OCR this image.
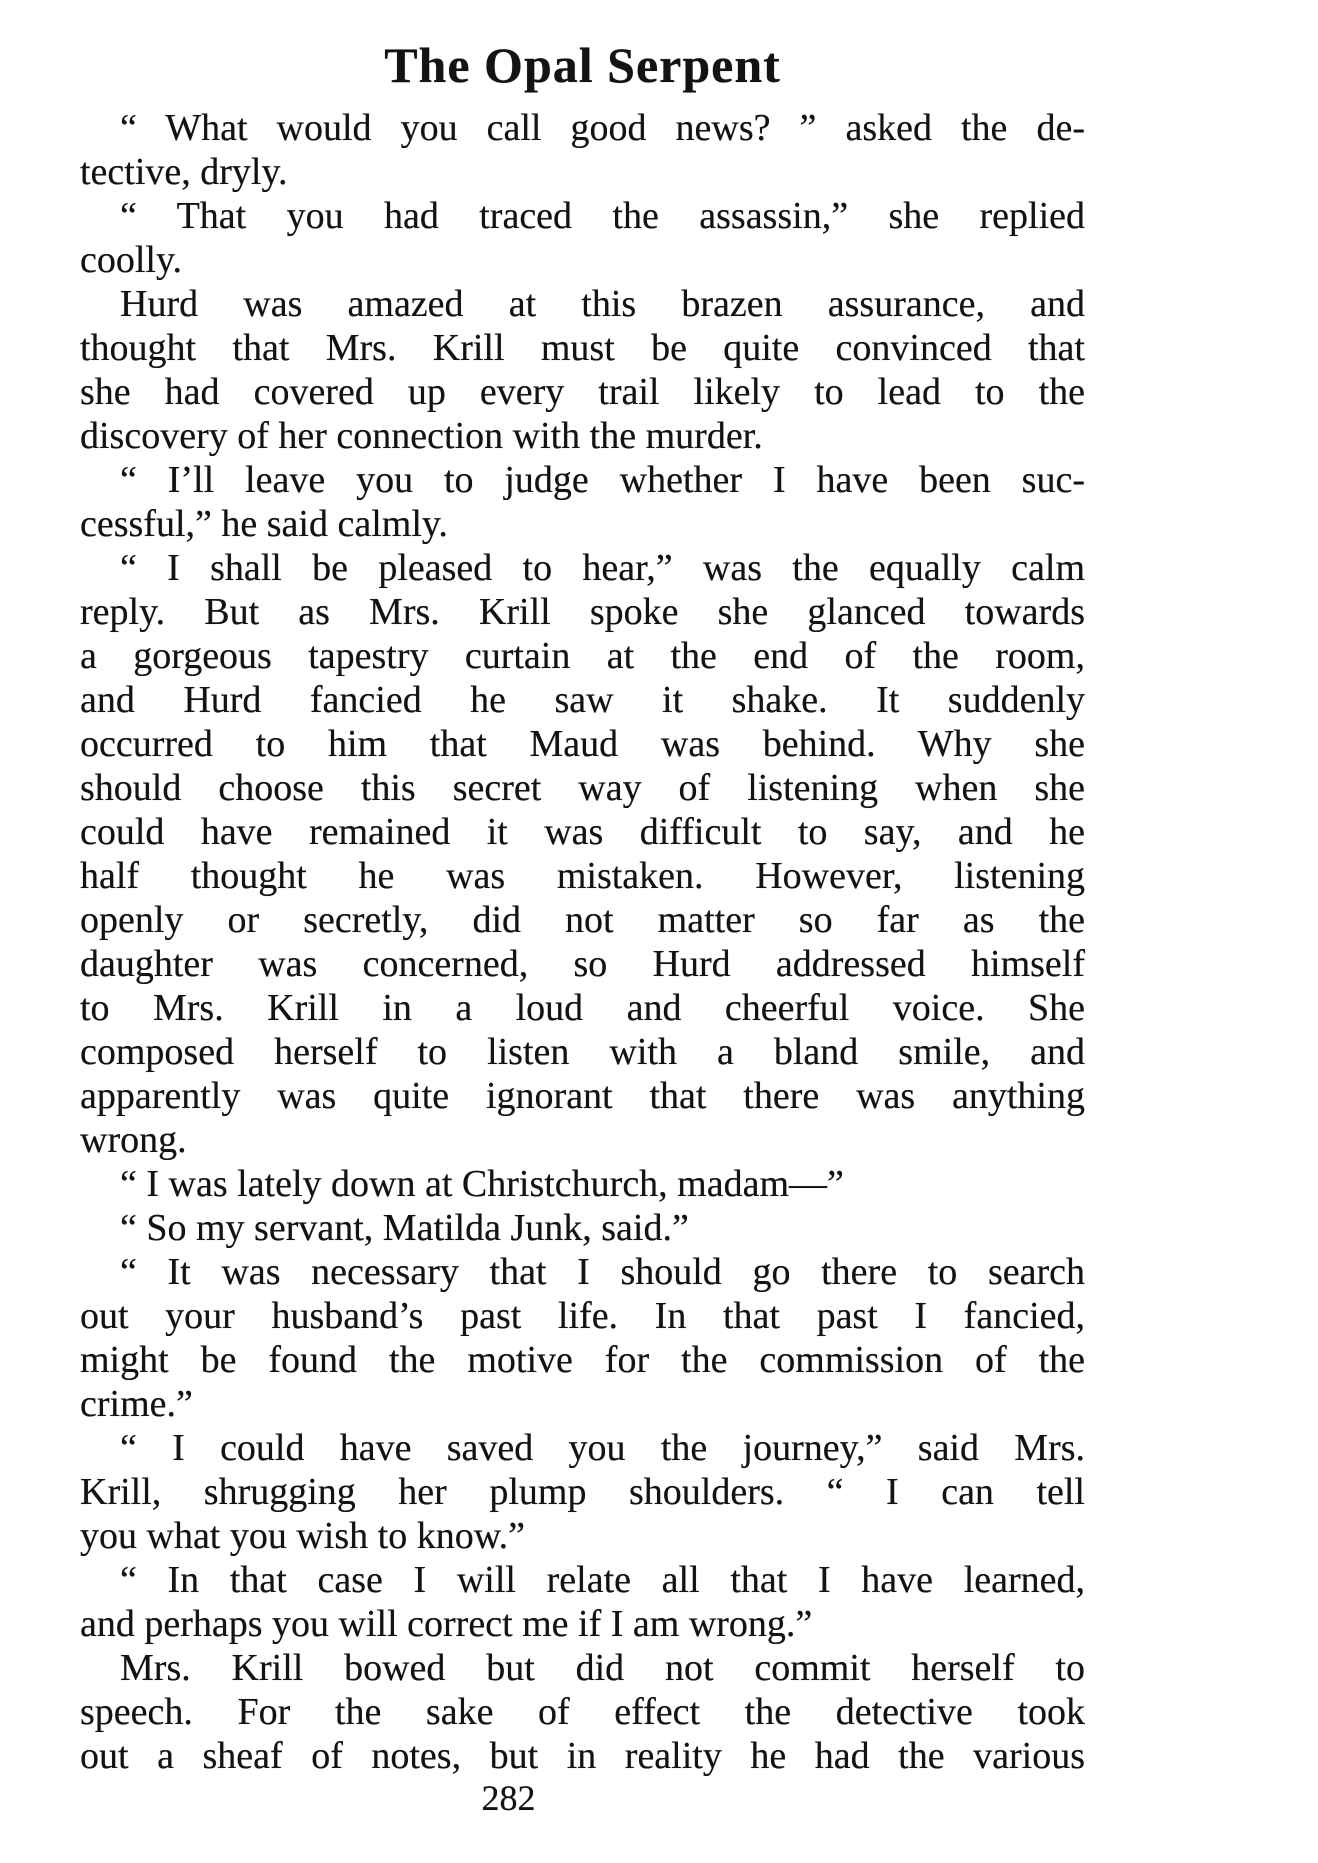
The Opal Serpent
“ What would you call good news? ” asked the de-
tective, dryly.
“ That you had traced the assassin,” she replied
coolly.
Hurd was amazed at this brazen assurance, and
thought that Mrs. Krill must be quite convinced that
she had covered up every trail likely to lead to the
discovery of her connection with the murder.
“ I’ll leave you to judge whether I have been suc-
cessful,” he said calmly.
“ I shall be pleased to hear,” was the equally calm
reply. But as Mrs. Krill spoke she glanced towards
a gorgeous tapestry curtain at the end of the room,
and Hurd fancied he saw it shake. It suddenly
occurred to him that Maud was behind. Why she
should choose this secret way of listening when she
could have remained it was difficult to say, and he
half thought he was mistaken. However, listening
openly or secretly, did not matter so far as the
daughter was concerned, so Hurd addressed himself
to Mrs. Krill in a loud and cheerful voice. She
composed herself to listen with a bland smile, and
apparently was quite ignorant that there was anything
wrong.
“ I was lately down at Christchurch, madam—”
“ So my servant, Matilda Junk, said.”
“ It was necessary that I should go there to search
out your husband’s past life. In that past I fancied,
might be found the motive for the commission of the
crime.”
“ I could have saved you the journey,” said Mrs.
Krill, shrugging her plump shoulders. “ I can tell
you what you wish to know.”
“ In that case I will relate all that I have learned,
and perhaps you will correct me if I am wrong.”
Mrs. Krill bowed but did not commit herself to
speech. For the sake of effect the detective took
out a sheaf of notes, but in reality he had the various
282
